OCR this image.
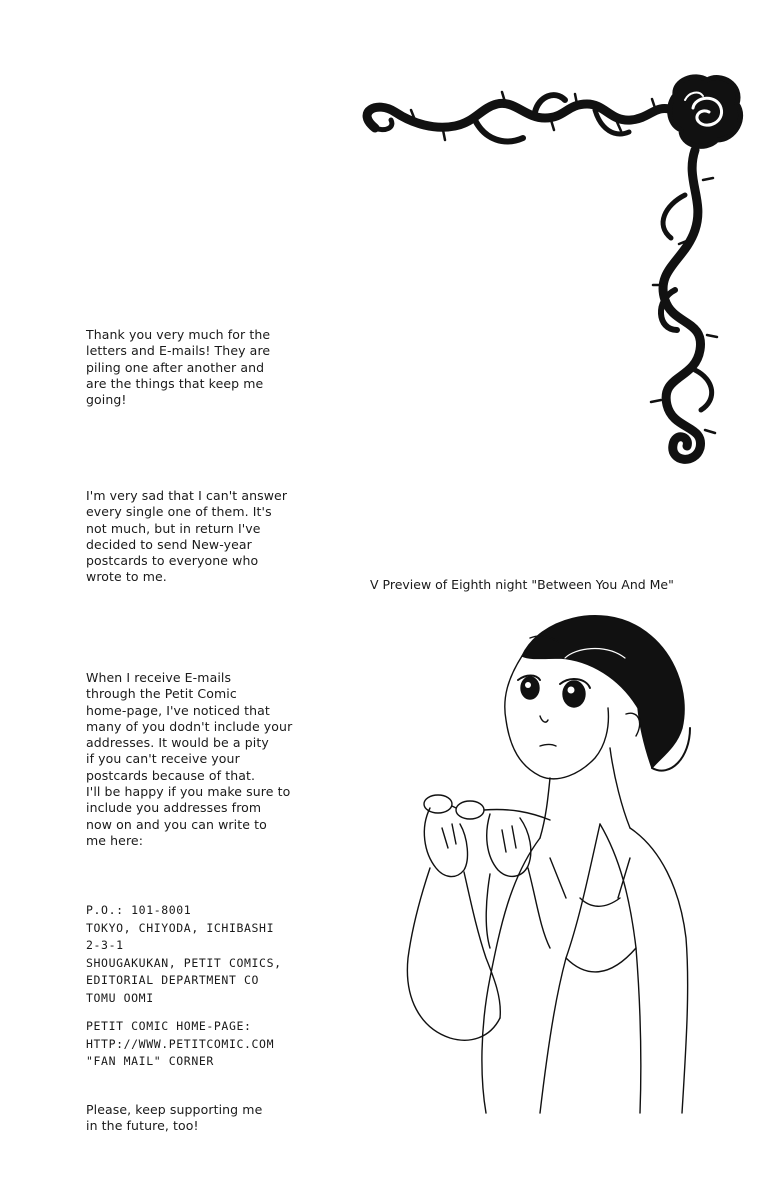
Thank you very much for the
letters and E-mails! They are
piling one after another and
are the things that keep me
going!
I'm very sad that I can't answer
every single one of them. It's
not much, but in return I've
decided to send New-year
postcards to everyone who
wrote to me.
When I receive E-mails
through the Petit Comic
home-page, I've noticed that
many of you dodn't include your
addresses. It would be a pity
if you can't receive your
postcards because of that.
I'll be happy if you make sure to
include you addresses from
now on and you can write to
me here:
P.O.: 101-8001
TOKYO, CHIYODA, ICHIBASHI
2-3-1
SHOUGAKUKAN, PETIT COMICS,
EDITORIAL DEPARTMENT CO
TOMU OOMI
PETIT COMIC HOME-PAGE:
HTTP://WWW.PETITCOMIC.COM
"FAN MAIL" CORNER
Please, keep supporting me
in the future, too!
V Preview of Eighth night "Between You And Me"
